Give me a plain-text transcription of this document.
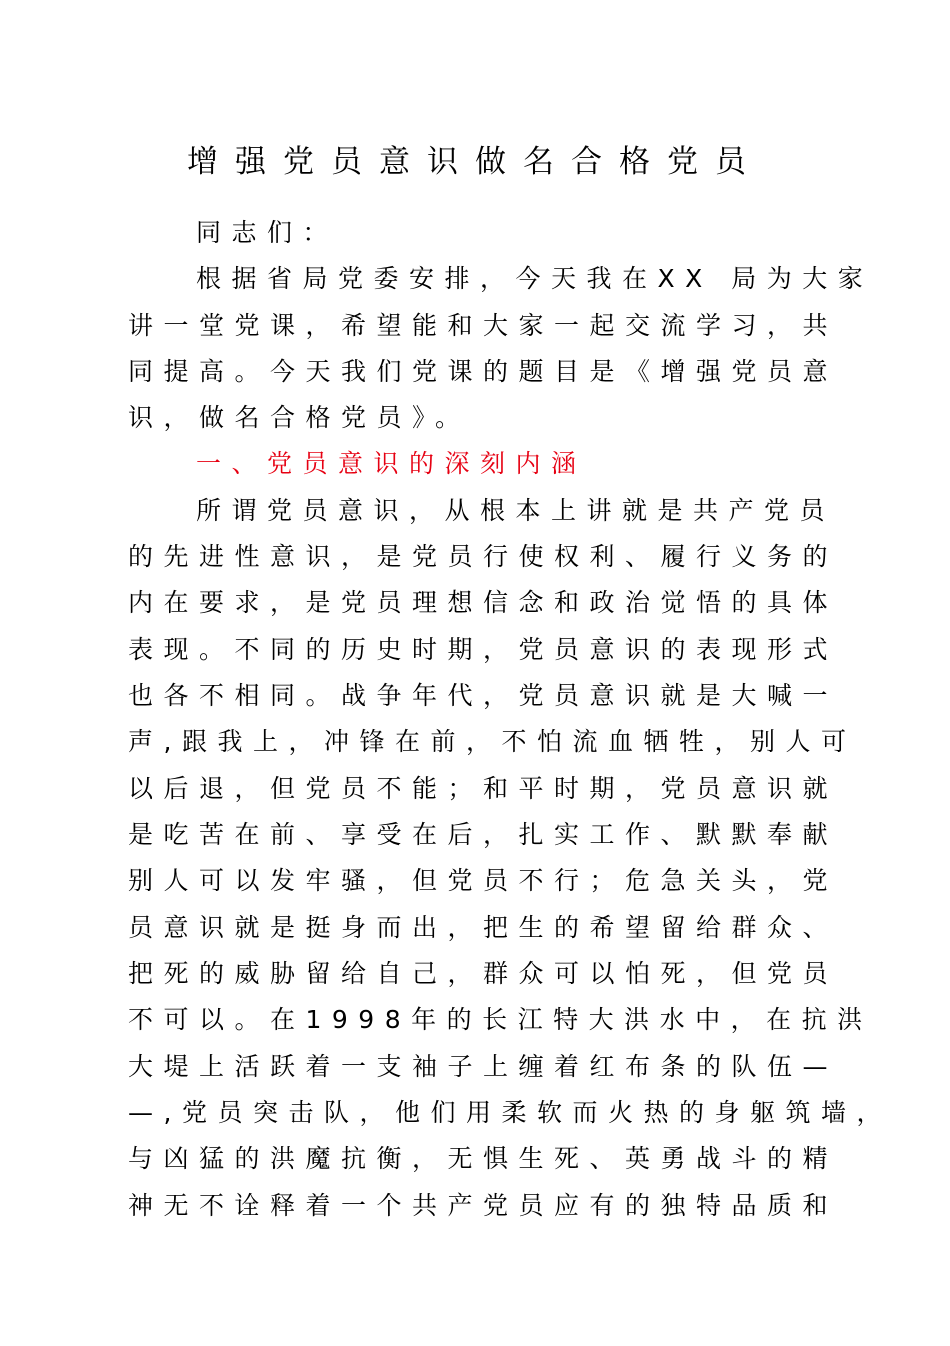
增强党员意识做名合格党员
同志们：
根据省局党委安排，今天我在XX 局为大家
讲一堂党课，希望能和大家一起交流学习，共
同提高。今天我们党课的题目是《增强党员意
识，做名合格党员》。
一、党员意识的深刻内涵
所谓党员意识，从根本上讲就是共产党员
的先进性意识，是党员行使权利、履行义务的
内在要求，是党员理想信念和政治觉悟的具体
表现。不同的历史时期，党员意识的表现形式
也各不相同。战争年代，党员意识就是大喊一
声,跟我上，冲锋在前，不怕流血牺牲，别人可
以后退，但党员不能；和平时期，党员意识就
是吃苦在前、享受在后，扎实工作、默默奉献
别人可以发牢骚，但党员不行；危急关头，党
员意识就是挺身而出，把生的希望留给群众、
把死的威胁留给自己，群众可以怕死，但党员
不可以。在1998年的长江特大洪水中，在抗洪
大堤上活跃着一支袖子上缠着红布条的队伍—
—,党员突击队，他们用柔软而火热的身躯筑墙，
与凶猛的洪魔抗衡，无惧生死、英勇战斗的精
神无不诠释着一个共产党员应有的独特品质和
